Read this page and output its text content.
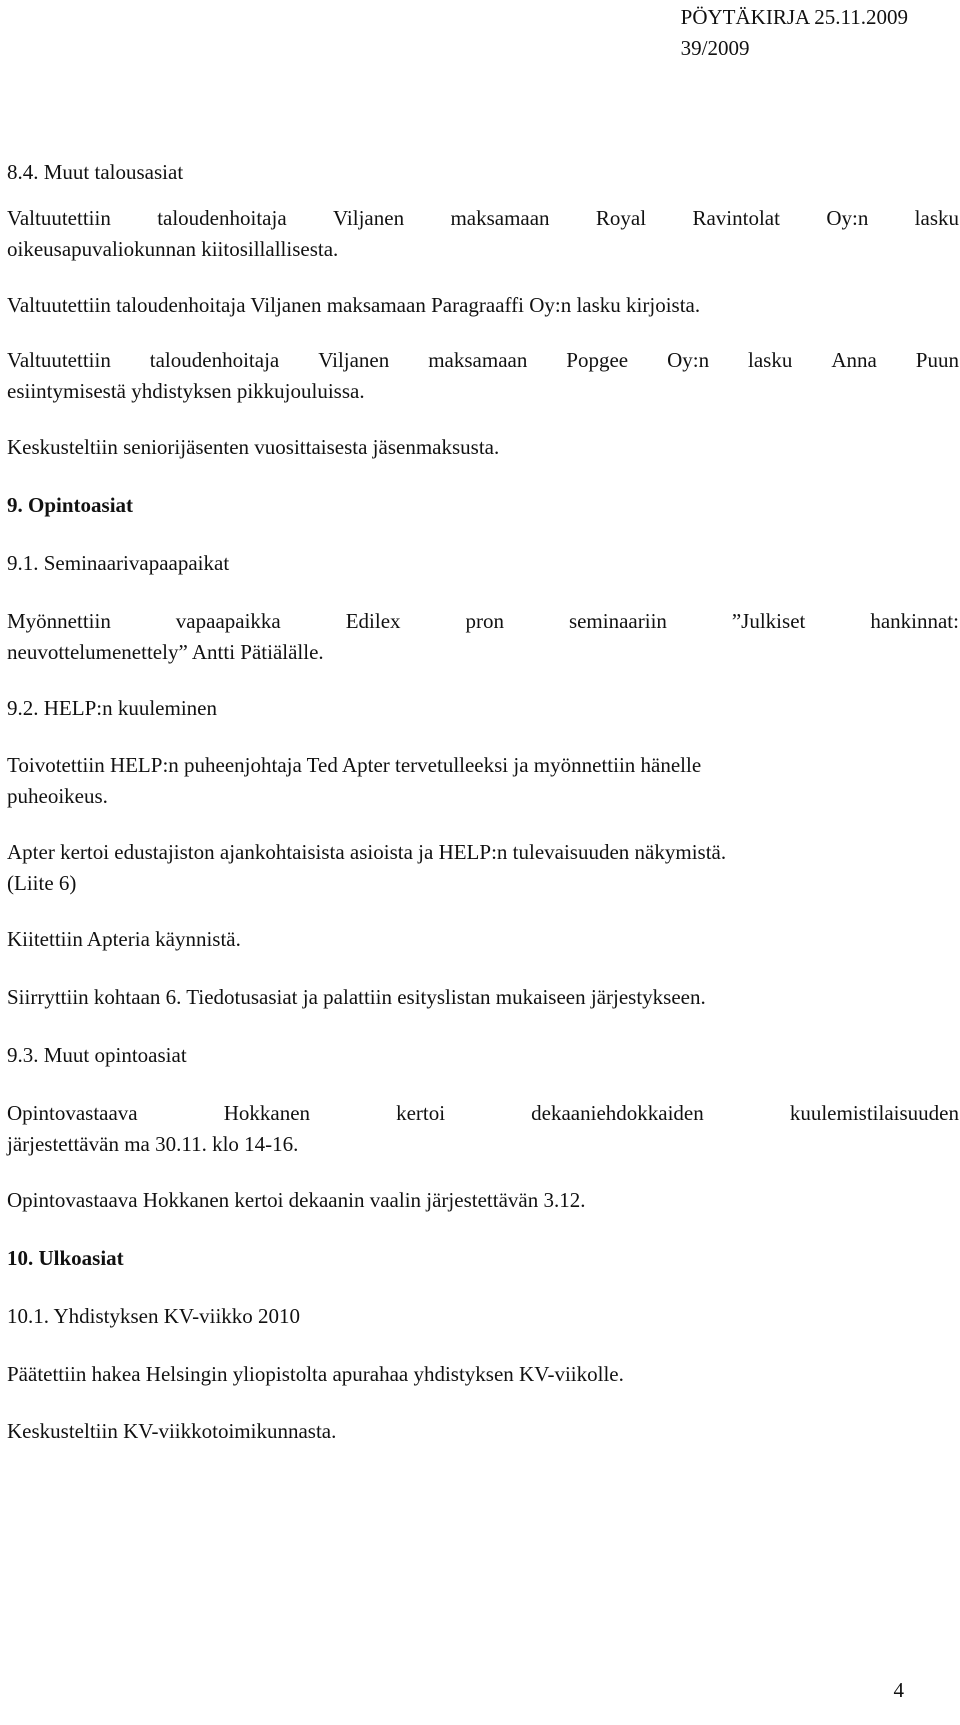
PÖYTÄKIRJA 25.11.2009
39/2009

8.4. Muut talousasiat

Valtuutettiin taloudenhoitaja Viljanen maksamaan Royal Ravintolat Oy:n lasku

oikeusapuvaliokunnan kiitosillallisesta.

Valtuutettiin taloudenhoitaja Viljanen maksamaan Paragraaffi Oy:n lasku kirjoista.

Valtuutettiin taloudenhoitaja Viljanen maksamaan Popgee Oy:n lasku Anna Puun

esiintymisestä yhdistyksen pikkujouluissa.

Keskusteltiin seniorijäsenten vuosittaisesta jäsenmaksusta.

9. Opintoasiat

9.1. Seminaarivapaapaikat

Myönnettiin	vapaapaikka	Edilex	pron	seminaariin	”Julkiset	hankinnat:

neuvottelumenettely” Antti Pätiälälle.

9.2. HELP:n kuuleminen

Toivotettiin HELP:n puheenjohtaja Ted Apter tervetulleeksi ja myönnettiin hänelle

puheoikeus.

Apter kertoi edustajiston ajankohtaisista asioista ja HELP:n tulevaisuuden näkymistä.

(Liite 6)

Kiitettiin Apteria käynnistä.

Siirryttiin kohtaan 6. Tiedotusasiat ja palattiin esityslistan mukaiseen järjestykseen.

9.3. Muut opintoasiat

Opintovastaava	Hokkanen	kertoi	dekaaniehdokkaiden	kuulemistilaisuuden

järjestettävän ma 30.11. klo 14-16.

Opintovastaava Hokkanen kertoi dekaanin vaalin järjestettävän 3.12.

10. Ulkoasiat

10.1. Yhdistyksen KV-viikko 2010

Päätettiin hakea Helsingin yliopistolta apurahaa yhdistyksen KV-viikolle.

Keskusteltiin KV-viikkotoimikunnasta.

4
